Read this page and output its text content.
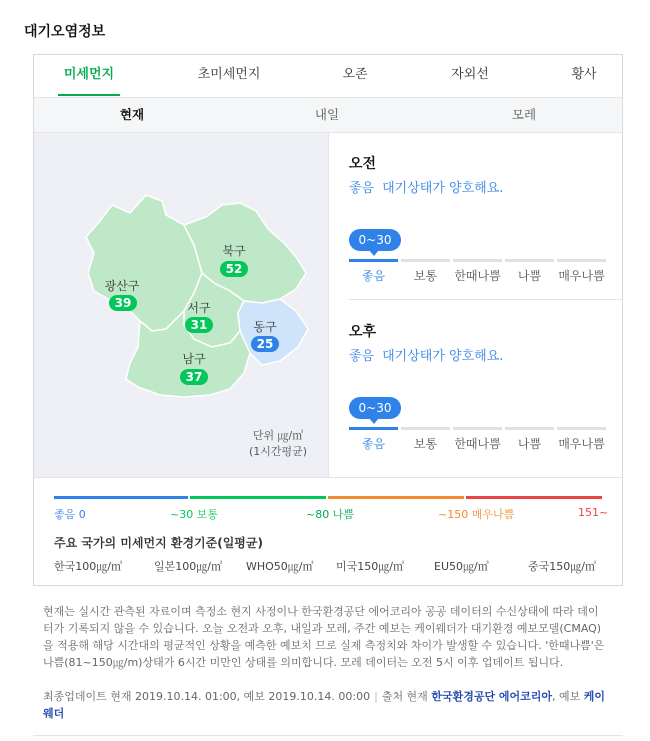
대기오염정보
미세먼지	초미세먼지	오존	자외선	황사
현재	내일	모레
광산구
39
북구
52
서구
31	동구
25
남구
37
단위 ㎍/㎥
(1시간평균)
오전
좋음 대기상태가 양호해요.
0~30
좋음	보통	한때나쁨	나쁨	매우나쁨
오후
좋음 대기상태가 양호해요.
0~30
좋음	보통	한때나쁨	나쁨	매우나쁨
좋음 0	~30 보통	~80 나쁨	~150 매우나쁨	151~
주요 국가의 미세먼지 환경기준(일평균)
한국100㎍/㎥	일본100㎍/㎥ WHO50㎍/㎥ 미국150㎍/㎥	EU50㎍/㎥	중국150㎍/㎥
현재는 실시간 관측된 자료이며 측정소 현지 사정이나 한국환경공단 에어코리아 공공 데이터의 수신상태에 따라 데이터가 기록되지 않을 수 있습니다. 오늘 오전과 오후, 내일과 모레, 주간 예보는 케이웨더가 대기환경 예보모델(CMAQ)을 적용해 해당 시간대의 평균적인 상황을 예측한 예보치 므로 실제 측정치와 차이가 발생할 수 있습니다. '한때나쁨'은 나쁨(81~150㎍/m)상태가 6시간 미만인 상태를 의미합니다. 모레 데이터는 오전 5시 이후 업데이트 됩니다.
최종업데이트 현재 2019.10.14. 01:00, 예보 2019.10.14. 00:00 | 출처 현재 한국환경공단 에어코리아, 예보 케이웨더
